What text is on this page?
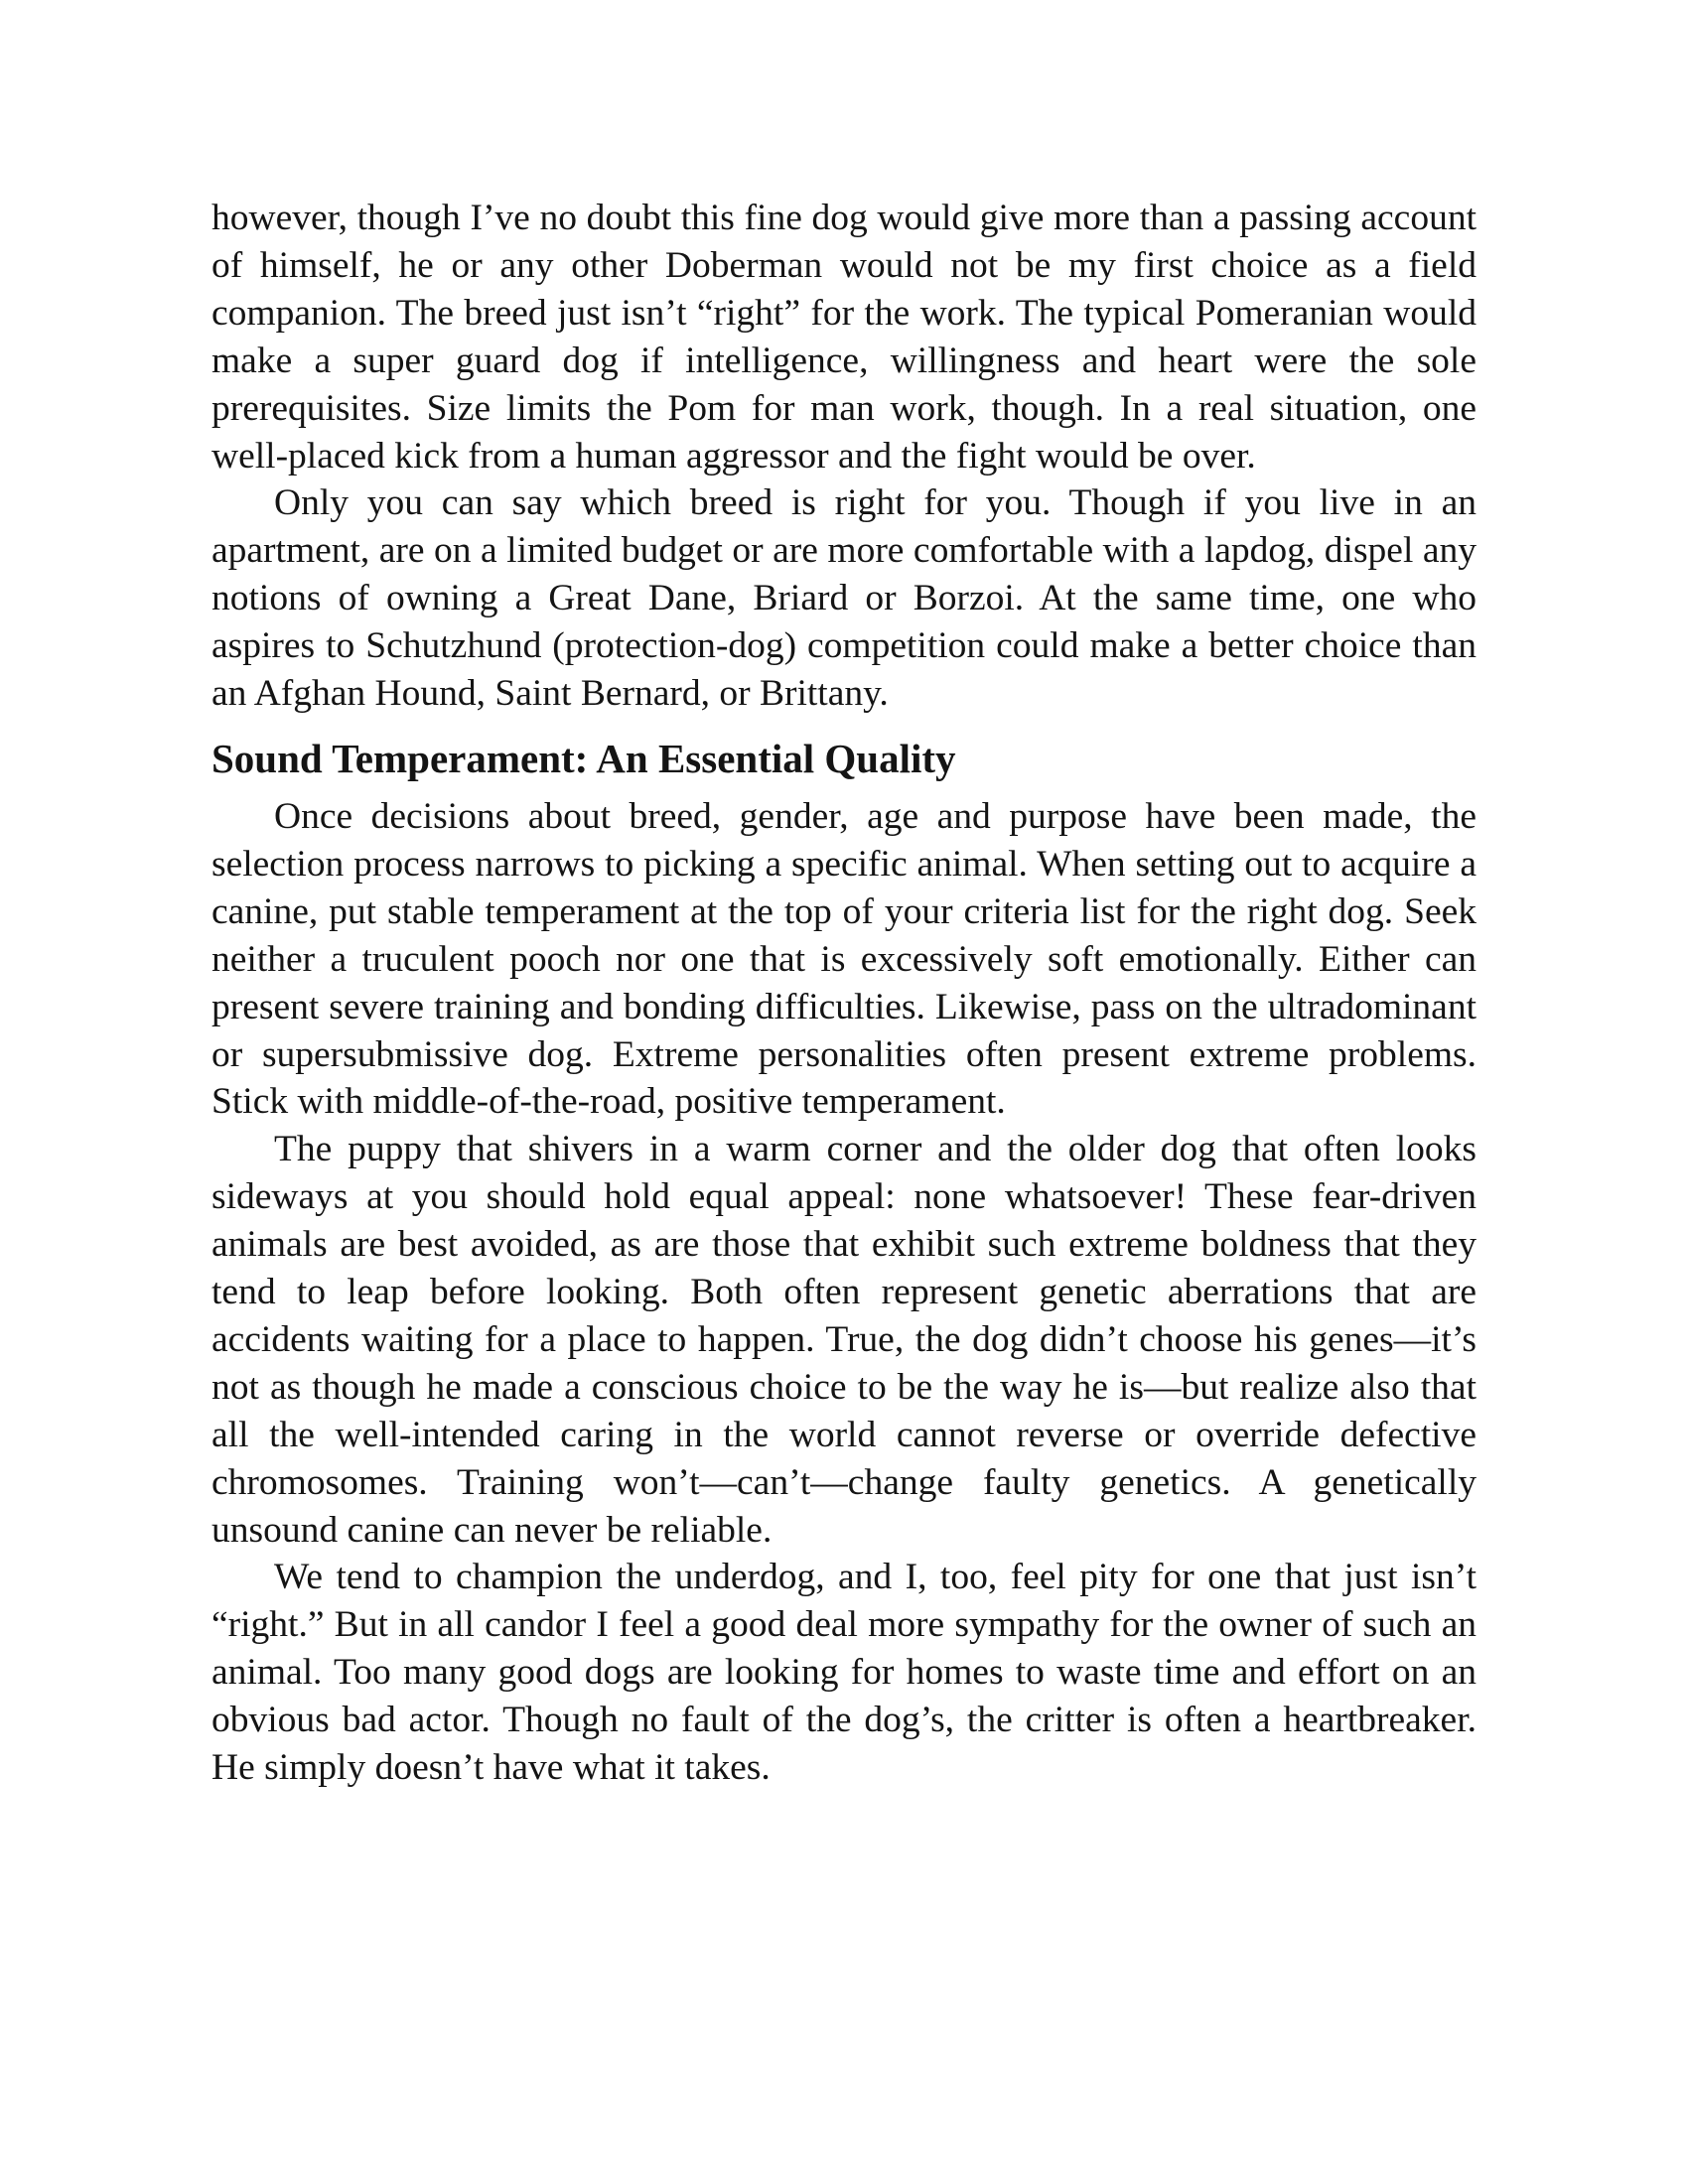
however, though I’ve no doubt this fine dog would give more than a passing account of himself, he or any other Doberman would not be my first choice as a field companion. The breed just isn’t “right” for the work. The typical Pomeranian would make a super guard dog if intelligence, willingness and heart were the sole prerequisites. Size limits the Pom for man work, though. In a real situation, one well-placed kick from a human aggressor and the fight would be over.

Only you can say which breed is right for you. Though if you live in an apartment, are on a limited budget or are more comfortable with a lapdog, dispel any notions of owning a Great Dane, Briard or Borzoi. At the same time, one who aspires to Schutzhund (protection-dog) competition could make a better choice than an Afghan Hound, Saint Bernard, or Brittany.

Sound Temperament: An Essential Quality

Once decisions about breed, gender, age and purpose have been made, the selection process narrows to picking a specific animal. When setting out to acquire a canine, put stable temperament at the top of your criteria list for the right dog. Seek neither a truculent pooch nor one that is excessively soft emotionally. Either can present severe training and bonding difficulties. Likewise, pass on the ultradominant or supersubmissive dog. Extreme personalities often present extreme problems. Stick with middle-of-the-road, positive temperament.

The puppy that shivers in a warm corner and the older dog that often looks sideways at you should hold equal appeal: none whatsoever! These fear-driven animals are best avoided, as are those that exhibit such extreme boldness that they tend to leap before looking. Both often represent genetic aberrations that are accidents waiting for a place to happen. True, the dog didn’t choose his genes—it’s not as though he made a conscious choice to be the way he is—but realize also that all the well-intended caring in the world cannot reverse or override defective chromosomes. Training won’t—can’t—change faulty genetics. A genetically unsound canine can never be reliable.

We tend to champion the underdog, and I, too, feel pity for one that just isn’t “right.” But in all candor I feel a good deal more sympathy for the owner of such an animal. Too many good dogs are looking for homes to waste time and effort on an obvious bad actor. Though no fault of the dog’s, the critter is often a heartbreaker. He simply doesn’t have what it takes.
